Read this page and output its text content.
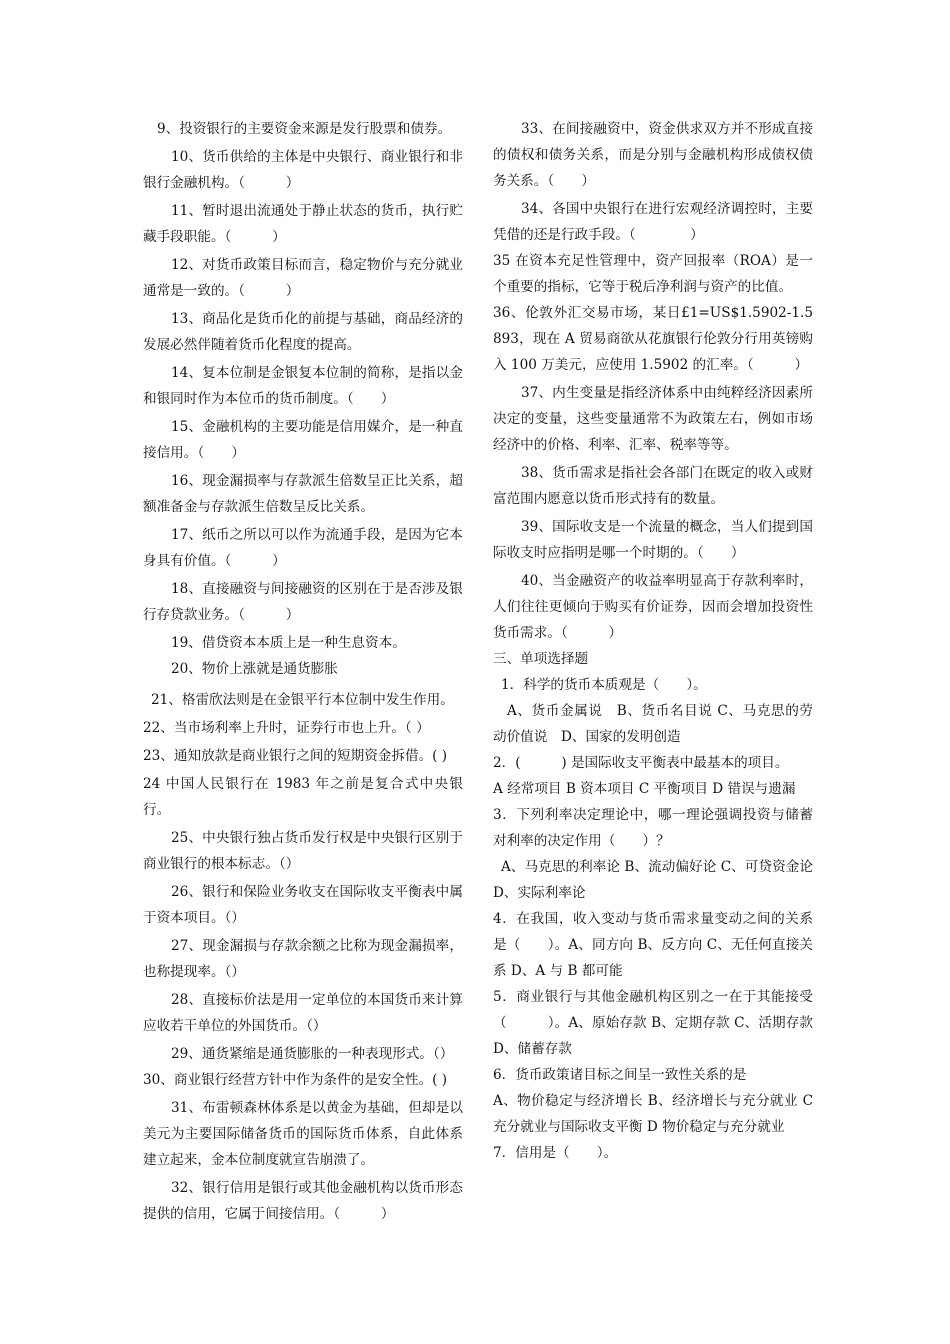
9、投资银行的主要资金来源是发行股票和债券。

10、货币供给的主体是中央银行、商业银行和非银行金融机构。（　　　）

11、暂时退出流通处于静止状态的货币，执行贮藏手段职能。（　　　）

12、对货币政策目标而言，稳定物价与充分就业通常是一致的。（　　　）

13、商品化是货币化的前提与基础，商品经济的发展必然伴随着货币化程度的提高。

14、复本位制是金银复本位制的简称，是指以金和银同时作为本位币的货币制度。（　　）

15、金融机构的主要功能是信用媒介，是一种直接信用。（　　）

16、现金漏损率与存款派生倍数呈正比关系，超额准备金与存款派生倍数呈反比关系。

17、纸币之所以可以作为流通手段，是因为它本身具有价值。（　　　）

18、直接融资与间接融资的区别在于是否涉及银行存贷款业务。（　　　）

19、借贷资本本质上是一种生息资本。

20、物价上涨就是通货膨胀

21、格雷欣法则是在金银平行本位制中发生作用。

22、当市场利率上升时，证券行市也上升。（ ）

23、通知放款是商业银行之间的短期资金拆借。( )

24 中国人民银行在 1983 年之前是复合式中央银行。

25、中央银行独占货币发行权是中央银行区别于商业银行的根本标志。（）

26、银行和保险业务收支在国际收支平衡表中属于资本项目。（）

27、现金漏损与存款余额之比称为现金漏损率，也称提现率。（）

28、直接标价法是用一定单位的本国货币来计算应收若干单位的外国货币。（）

29、通货紧缩是通货膨胀的一种表现形式。（）

30、商业银行经营方针中作为条件的是安全性。( )

31、布雷顿森林体系是以黄金为基础，但却是以美元为主要国际储备货币的国际货币体系，自此体系建立起来，金本位制度就宣告崩溃了。

32、银行信用是银行或其他金融机构以货币形态提供的信用，它属于间接信用。（　　　）

33、在间接融资中，资金供求双方并不形成直接的债权和债务关系，而是分别与金融机构形成债权债务关系。（　　）

34、各国中央银行在进行宏观经济调控时，主要凭借的还是行政手段。（　　　　）

35 在资本充足性管理中，资产回报率（ROA）是一个重要的指标，它等于税后净利润与资产的比值。

36、伦敦外汇交易市场，某日£1=US$1.5902-1.5893，现在 A 贸易商欲从花旗银行伦敦分行用英镑购入 100 万美元，应使用 1.5902 的汇率。（　　　）

37、内生变量是指经济体系中由纯粹经济因素所决定的变量，这些变量通常不为政策左右，例如市场经济中的价格、利率、汇率、税率等等。

38、货币需求是指社会各部门在既定的收入或财富范围内愿意以货币形式持有的数量。

39、国际收支是一个流量的概念，当人们提到国际收支时应指明是哪一个时期的。（　　）

40、当金融资产的收益率明显高于存款利率时，人们往往更倾向于购买有价证券，因而会增加投资性货币需求。（　　　）

三、单项选择题

1．科学的货币本质观是（　　）。

A、货币金属说　B、货币名目说 C、马克思的劳动价值说　D、国家的发明创造

2．(　　　) 是国际收支平衡表中最基本的项目。

A 经常项目 B 资本项目 C 平衡项目 D 错误与遗漏

3．下列利率决定理论中，哪一理论强调投资与储蓄对利率的决定作用（　　）？

A、马克思的利率论 B、流动偏好论 C、可贷资金论 D、实际利率论

4．在我国，收入变动与货币需求量变动之间的关系是（　　）。A、同方向 B、反方向 C、无任何直接关系 D、A 与 B 都可能

5．商业银行与其他金融机构区别之一在于其能接受（　　　）。A、原始存款 B、定期存款 C、活期存款 D、储蓄存款

6．货币政策诸目标之间呈一致性关系的是

A、物价稳定与经济增长 B、经济增长与充分就业 C 充分就业与国际收支平衡 D 物价稳定与充分就业

7．信用是（　　）。
